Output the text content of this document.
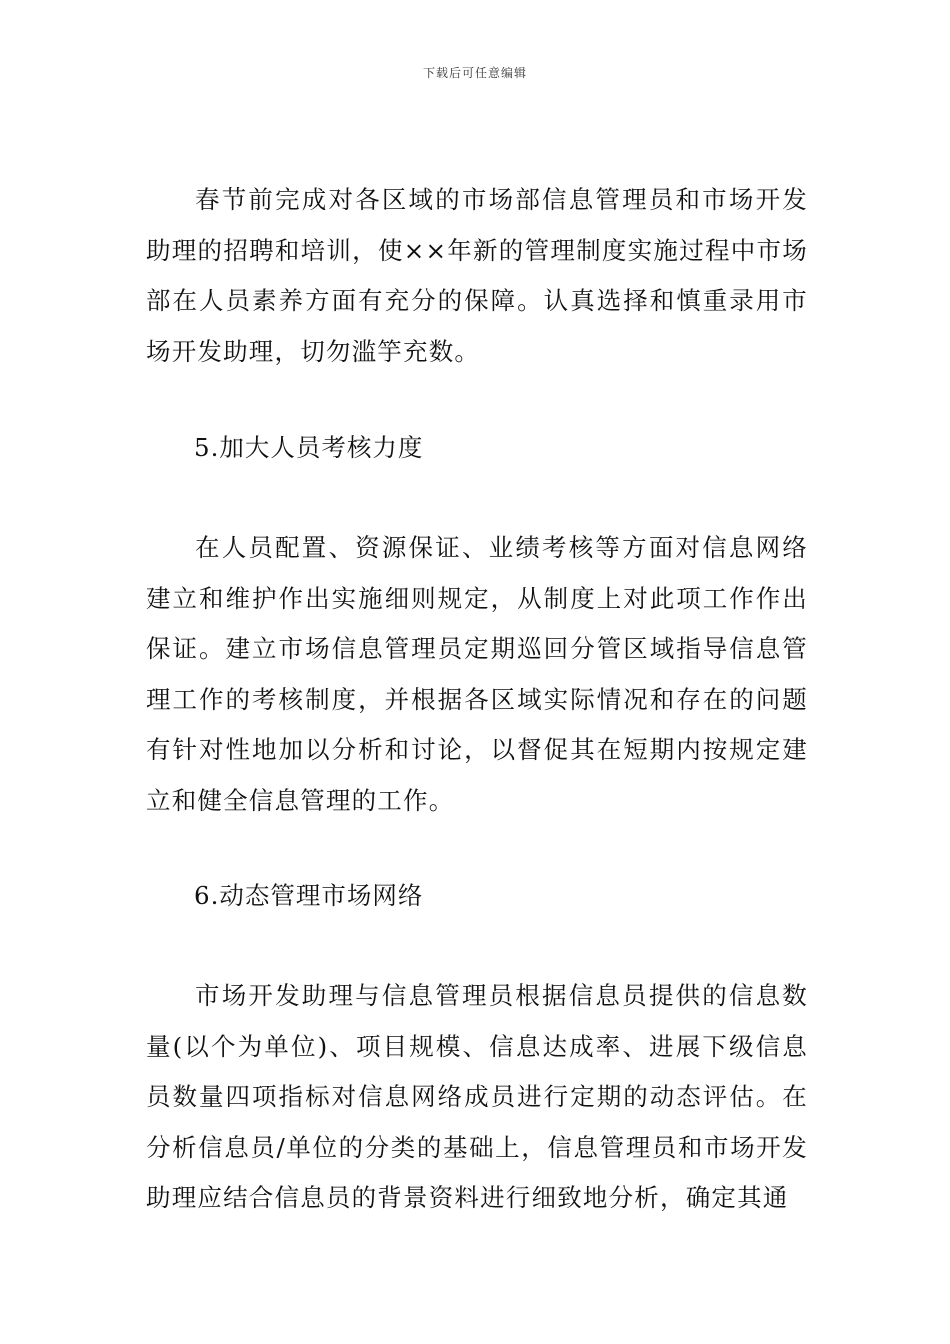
下载后可任意编辑

春节前完成对各区域的市场部信息管理员和市场开发助理的招聘和培训，使××年新的管理制度实施过程中市场部在人员素养方面有充分的保障。认真选择和慎重录用市场开发助理，切勿滥竽充数。

5.加大人员考核力度

在人员配置、资源保证、业绩考核等方面对信息网络建立和维护作出实施细则规定，从制度上对此项工作作出保证。建立市场信息管理员定期巡回分管区域指导信息管理工作的考核制度，并根据各区域实际情况和存在的问题有针对性地加以分析和讨论，以督促其在短期内按规定建立和健全信息管理的工作。

6.动态管理市场网络

市场开发助理与信息管理员根据信息员提供的信息数量(以个为单位)、项目规模、信息达成率、进展下级信息员数量四项指标对信息网络成员进行定期的动态评估。在分析信息员/单位的分类的基础上，信息管理员和市场开发助理应结合信息员的背景资料进行细致地分析，确定其通
